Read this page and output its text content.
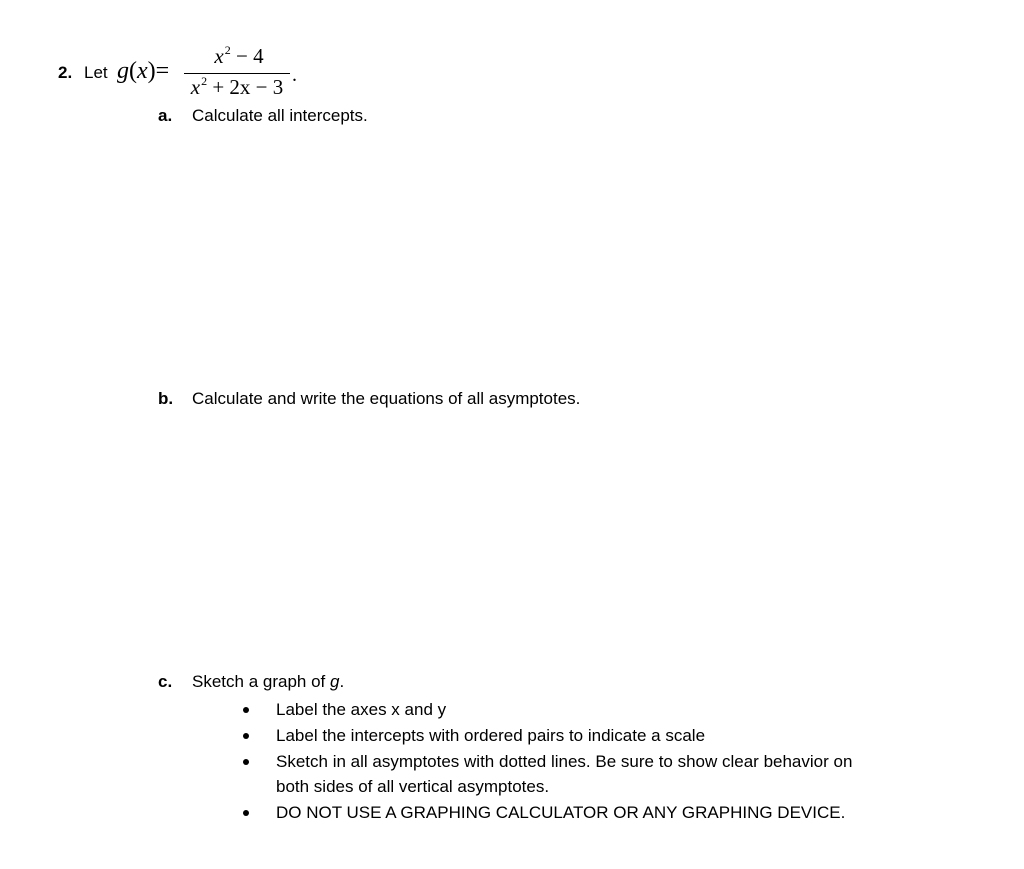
2. Let g(x)=
$x^2 - 4$
$x^2 + 2x - 3$ .
a. Calculate all intercepts.
b. Calculate and write the equations of all asymptotes.
c. Sketch a graph of g.
Label the axes x and y
Label the intercepts with ordered pairs to indicate a scale
Sketch in all asymptotes with dotted lines. Be sure to show clear behavior on
both sides of all vertical asymptotes.
DO NOT USE A GRAPHING CALCULATOR OR ANY GRAPHING DEVICE.
